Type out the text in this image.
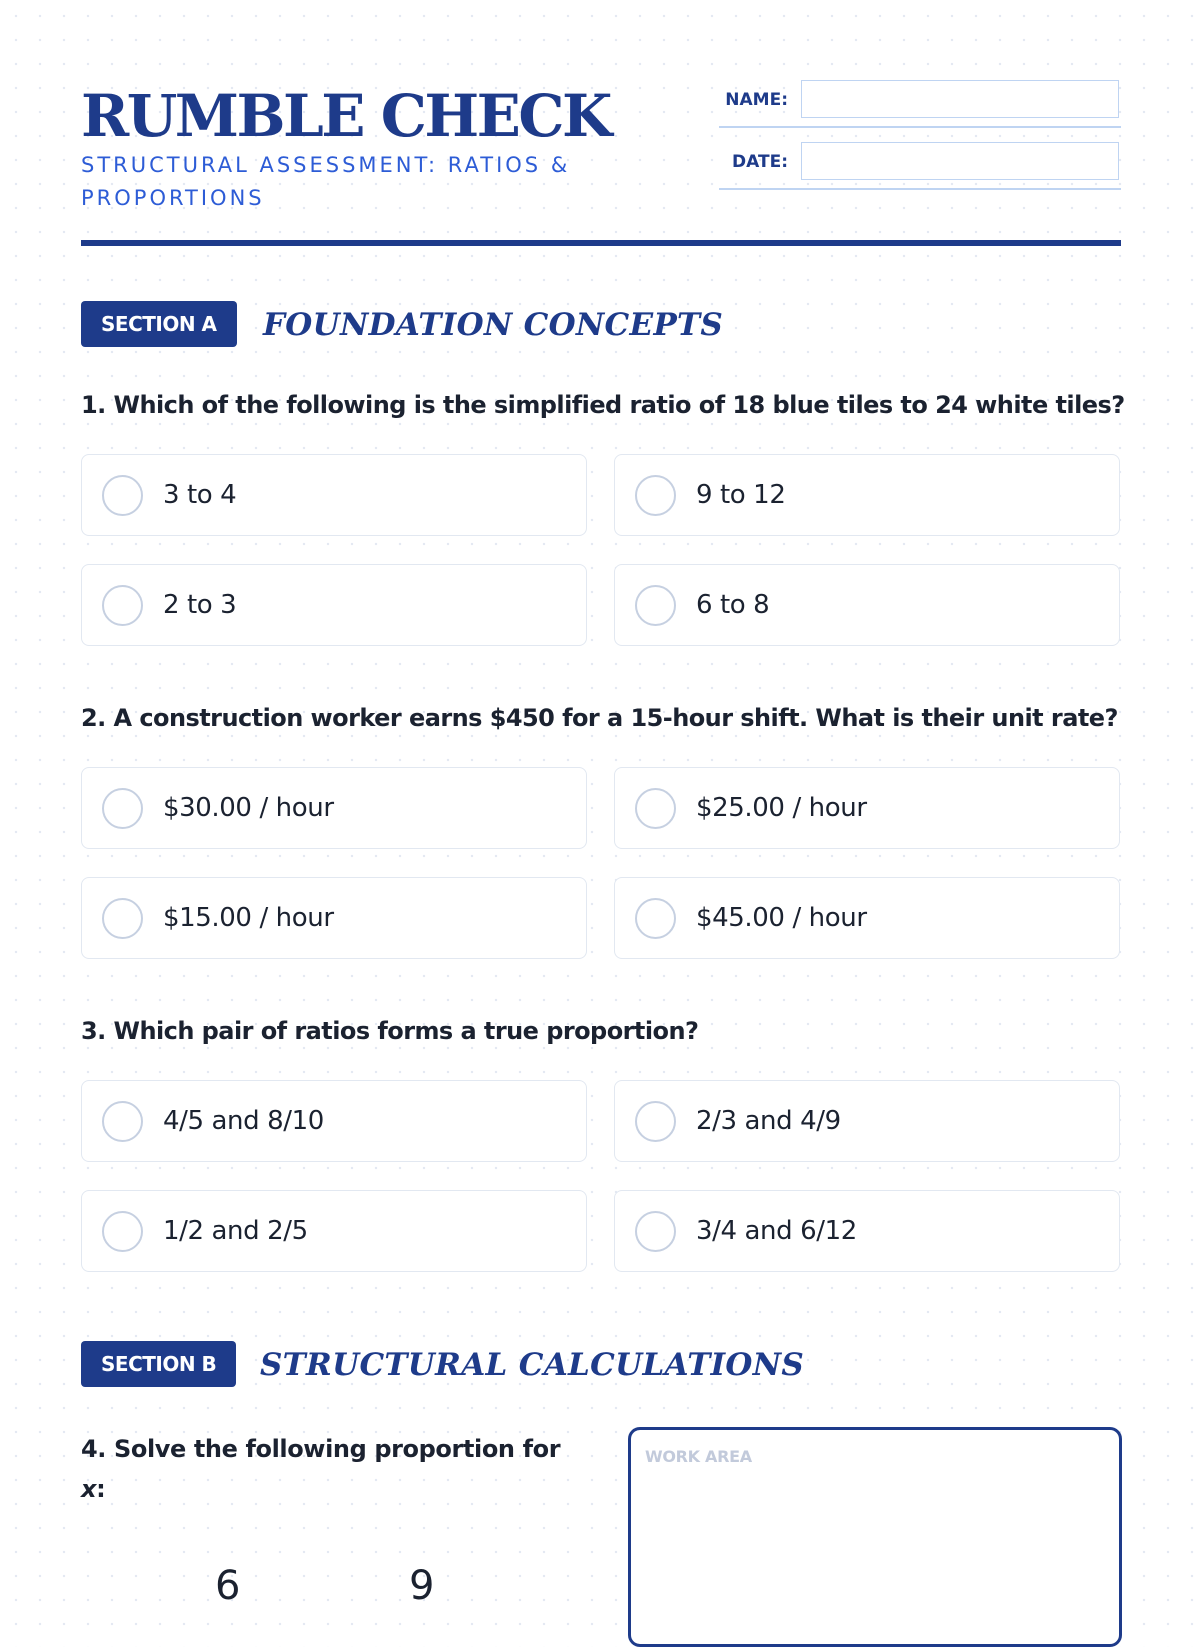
RUMBLE CHECK

STRUCTURAL ASSESSMENT: RATIOS & PROPORTIONS

NAME:
DATE:
SECTION A	FOUNDATION CONCEPTS

1. Which of the following is the simplified ratio of 18 blue tiles to 24 white tiles?

3 to 4	9 to 12
2 to 3	6 to 8

2. A construction worker earns $450 for a 15-hour shift. What is their unit rate?

$30.00 / hour	$25.00 / hour
$15.00 / hour	$45.00 / hour

3. Which pair of ratios forms a true proportion?

4/5 and 8/10	2/3 and 4/9
1/2 and 2/5	3/4 and 6/12
SECTION B	STRUCTURAL CALCULATIONS

4. Solve the following proportion for x:

6	9
WORK AREA
